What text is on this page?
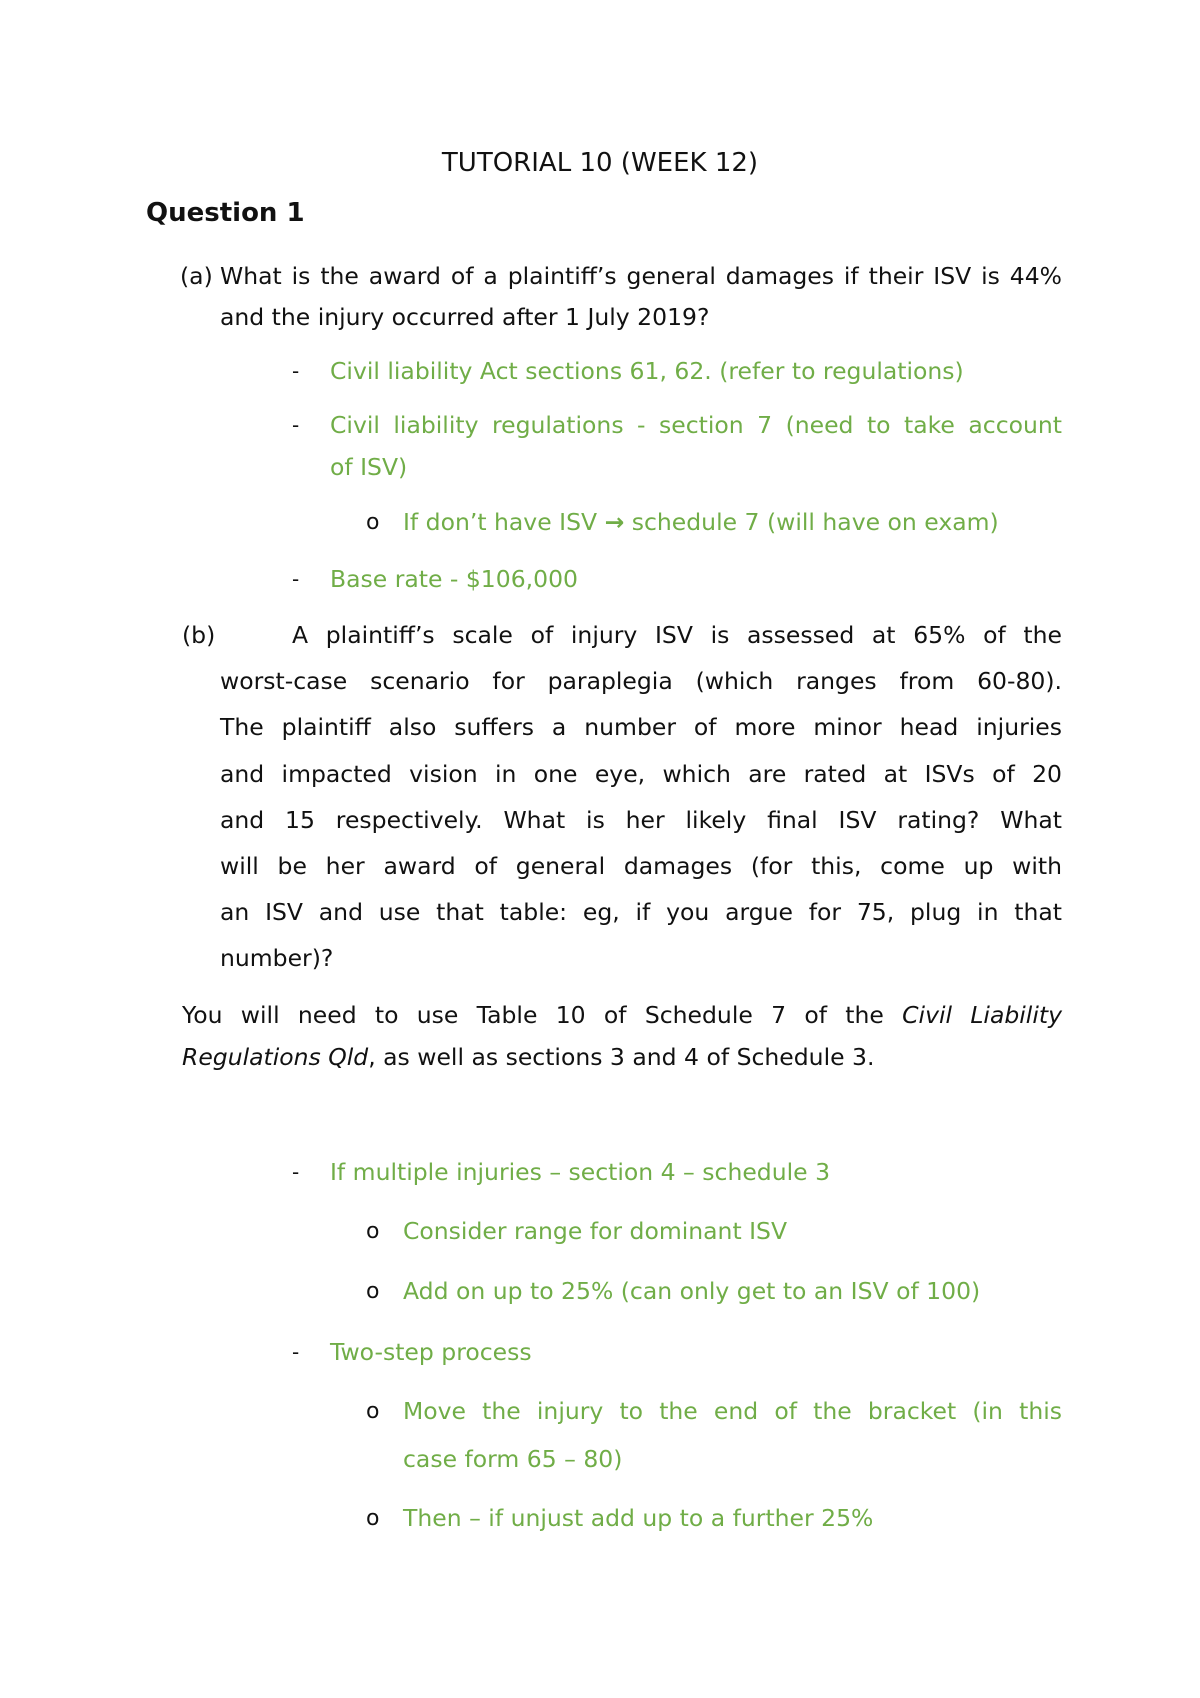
TUTORIAL 10 (WEEK 12)
Question 1
(a) What is the award of a plaintiff’s general damages if their ISV is 44%
and the injury occurred after 1 July 2019?
- Civil liability Act sections 61, 62. (refer to regulations)
- Civil liability regulations - section 7 (need to take account
of ISV)
o If don’t have ISV → schedule 7 (will have on exam)
- Base rate - $106,000
(b)	A plaintiff’s scale of injury ISV is assessed at 65% of the
worst-case scenario for paraplegia (which ranges from 60-80).
The plaintiff also suffers a number of more minor head injuries
and impacted vision in one eye, which are rated at ISVs of 20
and 15 respectively. What is her likely final ISV rating? What
will be her award of general damages (for this, come up with
an ISV and use that table: eg, if you argue for 75, plug in that
number)?
You will need to use Table 10 of Schedule 7 of the Civil Liability
Regulations Qld, as well as sections 3 and 4 of Schedule 3.
- If multiple injuries – section 4 – schedule 3
o Consider range for dominant ISV
o Add on up to 25% (can only get to an ISV of 100)
- Two-step process
o Move the injury to the end of the bracket (in this
case form 65 – 80)
o Then – if unjust add up to a further 25%
